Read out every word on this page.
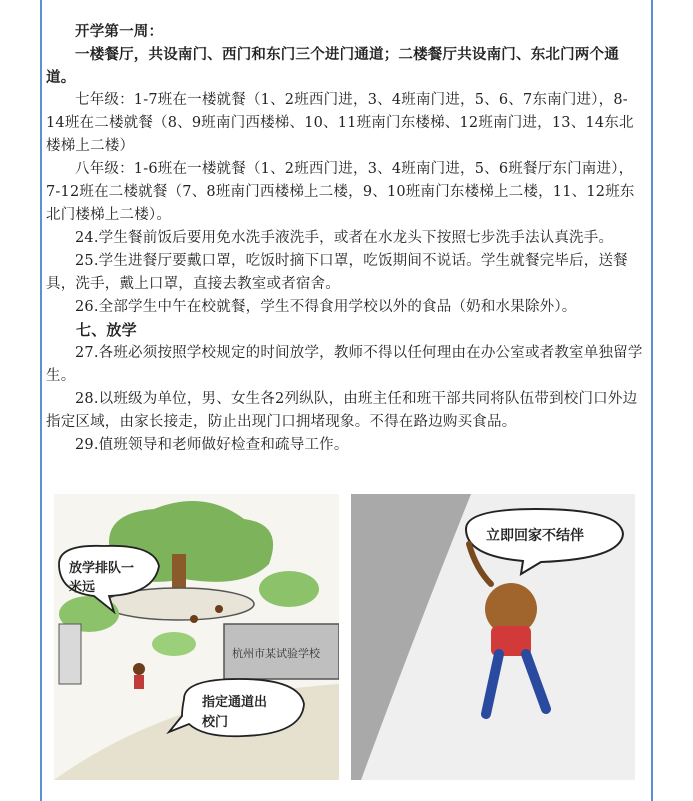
开学第一周：

一楼餐厅，共设南门、西门和东门三个进门通道；二楼餐厅共设南门、东北门两个通道。

七年级：1-7班在一楼就餐（1、2班西门进，3、4班南门进，5、6、7东南门进），8-14班在二楼就餐（8、9班南门西楼梯、10、11班南门东楼梯、12班南门进，13、14东北楼梯上二楼）

八年级：1-6班在一楼就餐（1、2班西门进，3、4班南门进，5、6班餐厅东门南进），7-12班在二楼就餐（7、8班南门西楼梯上二楼，9、10班南门东楼梯上二楼，11、12班东北门楼梯上二楼）。

24.学生餐前饭后要用免水洗手液洗手，或者在水龙头下按照七步洗手法认真洗手。

25.学生进餐厅要戴口罩，吃饭时摘下口罩，吃饭期间不说话。学生就餐完毕后，送餐具，洗手，戴上口罩，直接去教室或者宿舍。

26.全部学生中午在校就餐，学生不得食用学校以外的食品（奶和水果除外）。

七、放学

27.各班必须按照学校规定的时间放学，教师不得以任何理由在办公室或者教室单独留学生。

28.以班级为单位，男、女生各2列纵队，由班主任和班干部共同将队伍带到校门口外边指定区域，由家长接走，防止出现门口拥堵现象。不得在路边购买食品。

29.值班领导和老师做好检查和疏导工作。

杭州市某试验学校
放学排队一
米远
指定通道出
校门
立即回家不结伴
